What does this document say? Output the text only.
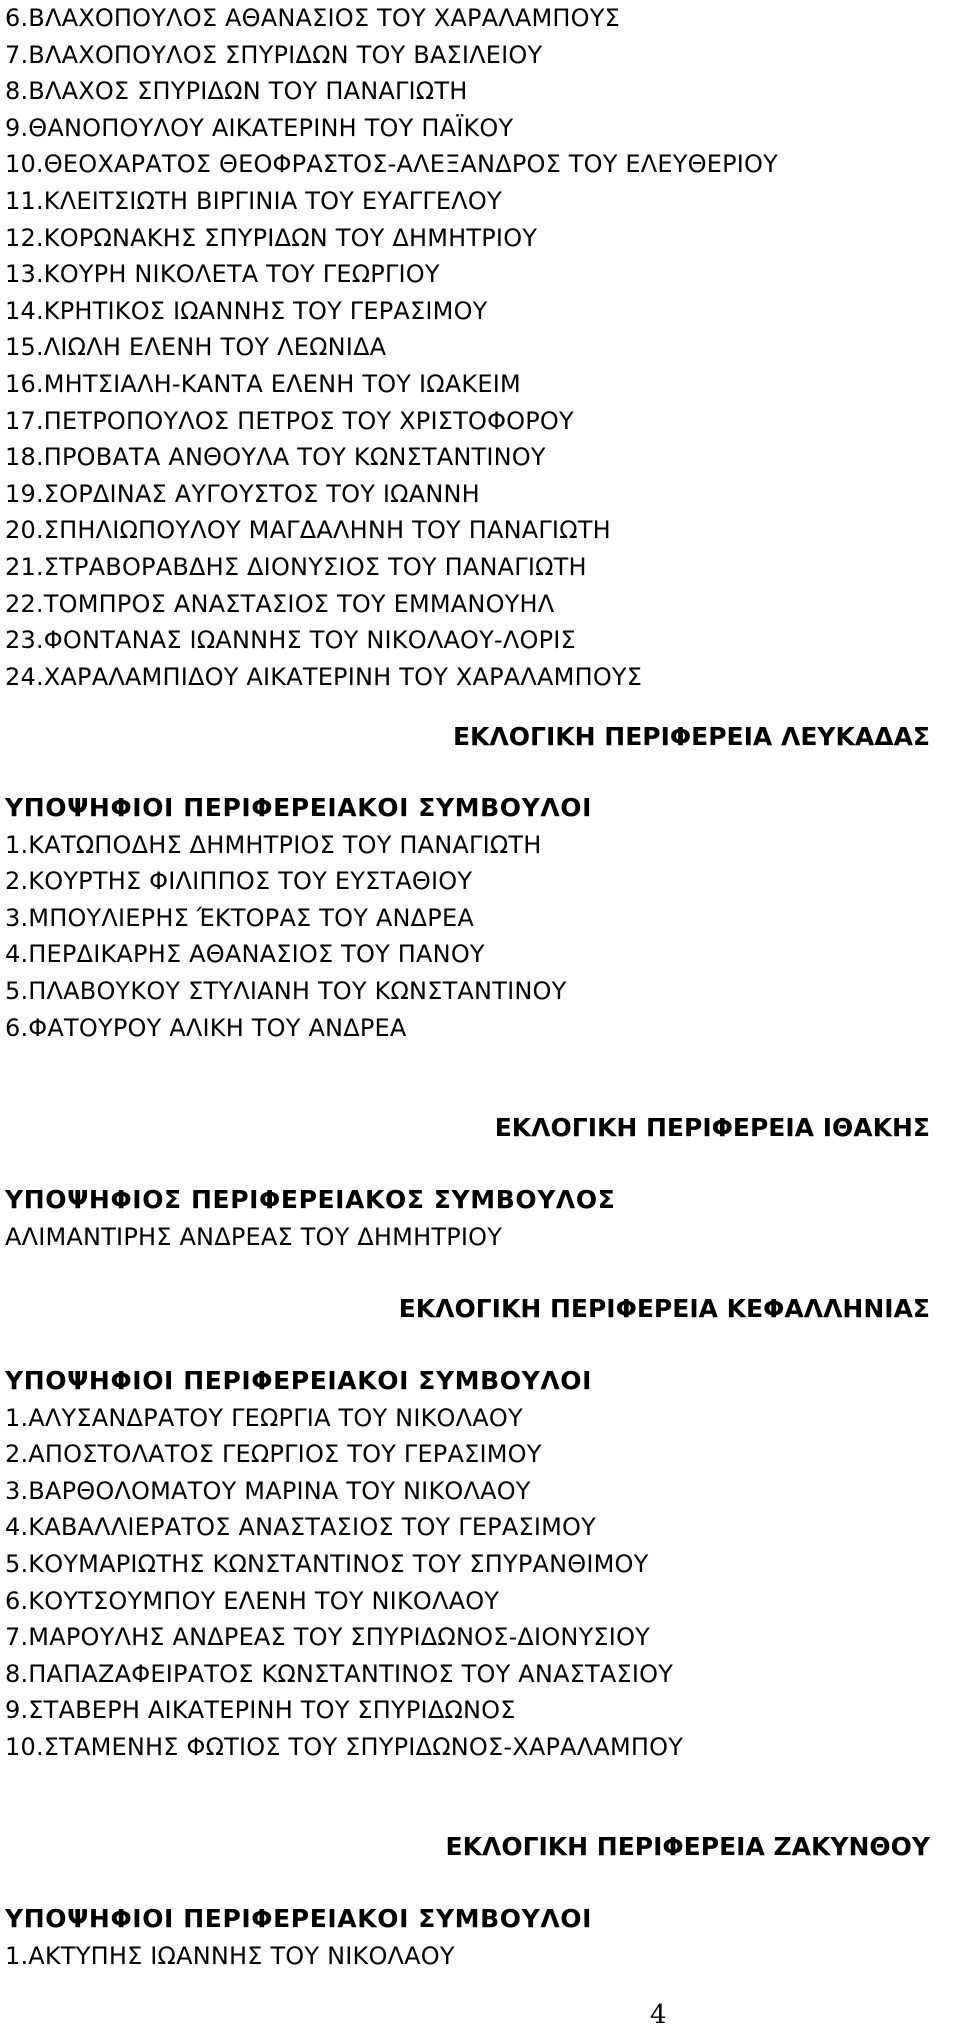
6.ΒΛΑΧΟΠΟΥΛΟΣ ΑΘΑΝΑΣΙΟΣ ΤΟΥ ΧΑΡΑΛΑΜΠΟΥΣ
7.ΒΛΑΧΟΠΟΥΛΟΣ ΣΠΥΡΙΔΩΝ ΤΟΥ ΒΑΣΙΛΕΙΟΥ
8.ΒΛΑΧΟΣ ΣΠΥΡΙΔΩΝ ΤΟΥ ΠΑΝΑΓΙΩΤΗ
9.ΘΑΝΟΠΟΥΛΟΥ ΑΙΚΑΤΕΡΙΝΗ ΤΟΥ ΠΑΪΚΟΥ
10.ΘΕΟΧΑΡΑΤΟΣ ΘΕΟΦΡΑΣΤΟΣ-ΑΛΕΞΑΝΔΡΟΣ ΤΟΥ ΕΛΕΥΘΕΡΙΟΥ
11.ΚΛΕΙΤΣΙΩΤΗ ΒΙΡΓΙΝΙΑ ΤΟΥ ΕΥΑΓΓΕΛΟΥ
12.ΚΟΡΩΝΑΚΗΣ ΣΠΥΡΙΔΩΝ ΤΟΥ ΔΗΜΗΤΡΙΟΥ
13.ΚΟΥΡΗ ΝΙΚΟΛΕΤΑ ΤΟΥ ΓΕΩΡΓΙΟΥ
14.ΚΡΗΤΙΚΟΣ ΙΩΑΝΝΗΣ ΤΟΥ ΓΕΡΑΣΙΜΟΥ
15.ΛΙΩΛΗ ΕΛΕΝΗ ΤΟΥ ΛΕΩΝΙΔΑ
16.ΜΗΤΣΙΑΛΗ-ΚΑΝΤΑ ΕΛΕΝΗ ΤΟΥ ΙΩΑΚΕΙΜ
17.ΠΕΤΡΟΠΟΥΛΟΣ ΠΕΤΡΟΣ ΤΟΥ ΧΡΙΣΤΟΦΟΡΟΥ
18.ΠΡΟΒΑΤΑ ΑΝΘΟΥΛΑ ΤΟΥ ΚΩΝΣΤΑΝΤΙΝΟΥ
19.ΣΟΡΔΙΝΑΣ ΑΥΓΟΥΣΤΟΣ ΤΟΥ ΙΩΑΝΝΗ
20.ΣΠΗΛΙΩΠΟΥΛΟΥ ΜΑΓΔΑΛΗΝΗ ΤΟΥ ΠΑΝΑΓΙΩΤΗ
21.ΣΤΡΑΒΟΡΑΒΔΗΣ ΔΙΟΝΥΣΙΟΣ ΤΟΥ ΠΑΝΑΓΙΩΤΗ
22.ΤΟΜΠΡΟΣ ΑΝΑΣΤΑΣΙΟΣ ΤΟΥ ΕΜΜΑΝΟΥΗΛ
23.ΦΟΝΤΑΝΑΣ ΙΩΑΝΝΗΣ ΤΟΥ ΝΙΚΟΛΑΟΥ-ΛΟΡΙΣ
24.ΧΑΡΑΛΑΜΠΙΔΟΥ ΑΙΚΑΤΕΡΙΝΗ ΤΟΥ ΧΑΡΑΛΑΜΠΟΥΣ
ΕΚΛΟΓΙΚΗ ΠΕΡΙΦΕΡΕΙΑ ΛΕΥΚΑΔΑΣ
ΥΠΟΨΗΦΙΟΙ ΠΕΡΙΦΕΡΕΙΑΚΟΙ ΣΥΜΒΟΥΛΟΙ
1.ΚΑΤΩΠΟΔΗΣ ΔΗΜΗΤΡΙΟΣ ΤΟΥ ΠΑΝΑΓΙΩΤΗ
2.ΚΟΥΡΤΗΣ ΦΙΛΙΠΠΟΣ ΤΟΥ ΕΥΣΤΑΘΙΟΥ
3.ΜΠΟΥΛΙΕΡΗΣ ΈΚΤΟΡΑΣ ΤΟΥ ΑΝΔΡΕΑ
4.ΠΕΡΔΙΚΑΡΗΣ ΑΘΑΝΑΣΙΟΣ ΤΟΥ ΠΑΝΟΥ
5.ΠΛΑΒΟΥΚΟΥ ΣΤΥΛΙΑΝΗ ΤΟΥ ΚΩΝΣΤΑΝΤΙΝΟΥ
6.ΦΑΤΟΥΡΟΥ ΑΛΙΚΗ ΤΟΥ ΑΝΔΡΕΑ
ΕΚΛΟΓΙΚΗ ΠΕΡΙΦΕΡΕΙΑ ΙΘΑΚΗΣ
ΥΠΟΨΗΦΙΟΣ ΠΕΡΙΦΕΡΕΙΑΚΟΣ ΣΥΜΒΟΥΛΟΣ
ΑΛΙΜΑΝΤΙΡΗΣ ΑΝΔΡΕΑΣ ΤΟΥ ΔΗΜΗΤΡΙΟΥ
ΕΚΛΟΓΙΚΗ ΠΕΡΙΦΕΡΕΙΑ ΚΕΦΑΛΛΗΝΙΑΣ
ΥΠΟΨΗΦΙΟΙ ΠΕΡΙΦΕΡΕΙΑΚΟΙ ΣΥΜΒΟΥΛΟΙ
1.ΑΛΥΣΑΝΔΡΑΤΟΥ ΓΕΩΡΓΙΑ ΤΟΥ ΝΙΚΟΛΑΟΥ
2.ΑΠΟΣΤΟΛΑΤΟΣ ΓΕΩΡΓΙΟΣ ΤΟΥ ΓΕΡΑΣΙΜΟΥ
3.ΒΑΡΘΟΛΟΜΑΤΟΥ ΜΑΡΙΝΑ ΤΟΥ ΝΙΚΟΛΑΟΥ
4.ΚΑΒΑΛΛΙΕΡΑΤΟΣ ΑΝΑΣΤΑΣΙΟΣ ΤΟΥ ΓΕΡΑΣΙΜΟΥ
5.ΚΟΥΜΑΡΙΩΤΗΣ ΚΩΝΣΤΑΝΤΙΝΟΣ ΤΟΥ ΣΠΥΡΑΝΘΙΜΟΥ
6.ΚΟΥΤΣΟΥΜΠΟΥ ΕΛΕΝΗ ΤΟΥ ΝΙΚΟΛΑΟΥ
7.ΜΑΡΟΥΛΗΣ ΑΝΔΡΕΑΣ ΤΟΥ ΣΠΥΡΙΔΩΝΟΣ-ΔΙΟΝΥΣΙΟΥ
8.ΠΑΠΑΖΑΦΕΙΡΑΤΟΣ ΚΩΝΣΤΑΝΤΙΝΟΣ ΤΟΥ ΑΝΑΣΤΑΣΙΟΥ
9.ΣΤΑΒΕΡΗ ΑΙΚΑΤΕΡΙΝΗ ΤΟΥ ΣΠΥΡΙΔΩΝΟΣ
10.ΣΤΑΜΕΝΗΣ ΦΩΤΙΟΣ ΤΟΥ ΣΠΥΡΙΔΩΝΟΣ-ΧΑΡΑΛΑΜΠΟΥ
ΕΚΛΟΓΙΚΗ ΠΕΡΙΦΕΡΕΙΑ ΖΑΚΥΝΘΟΥ
ΥΠΟΨΗΦΙΟΙ ΠΕΡΙΦΕΡΕΙΑΚΟΙ ΣΥΜΒΟΥΛΟΙ
1.ΑΚΤΥΠΗΣ ΙΩΑΝΝΗΣ ΤΟΥ ΝΙΚΟΛΑΟΥ
4
